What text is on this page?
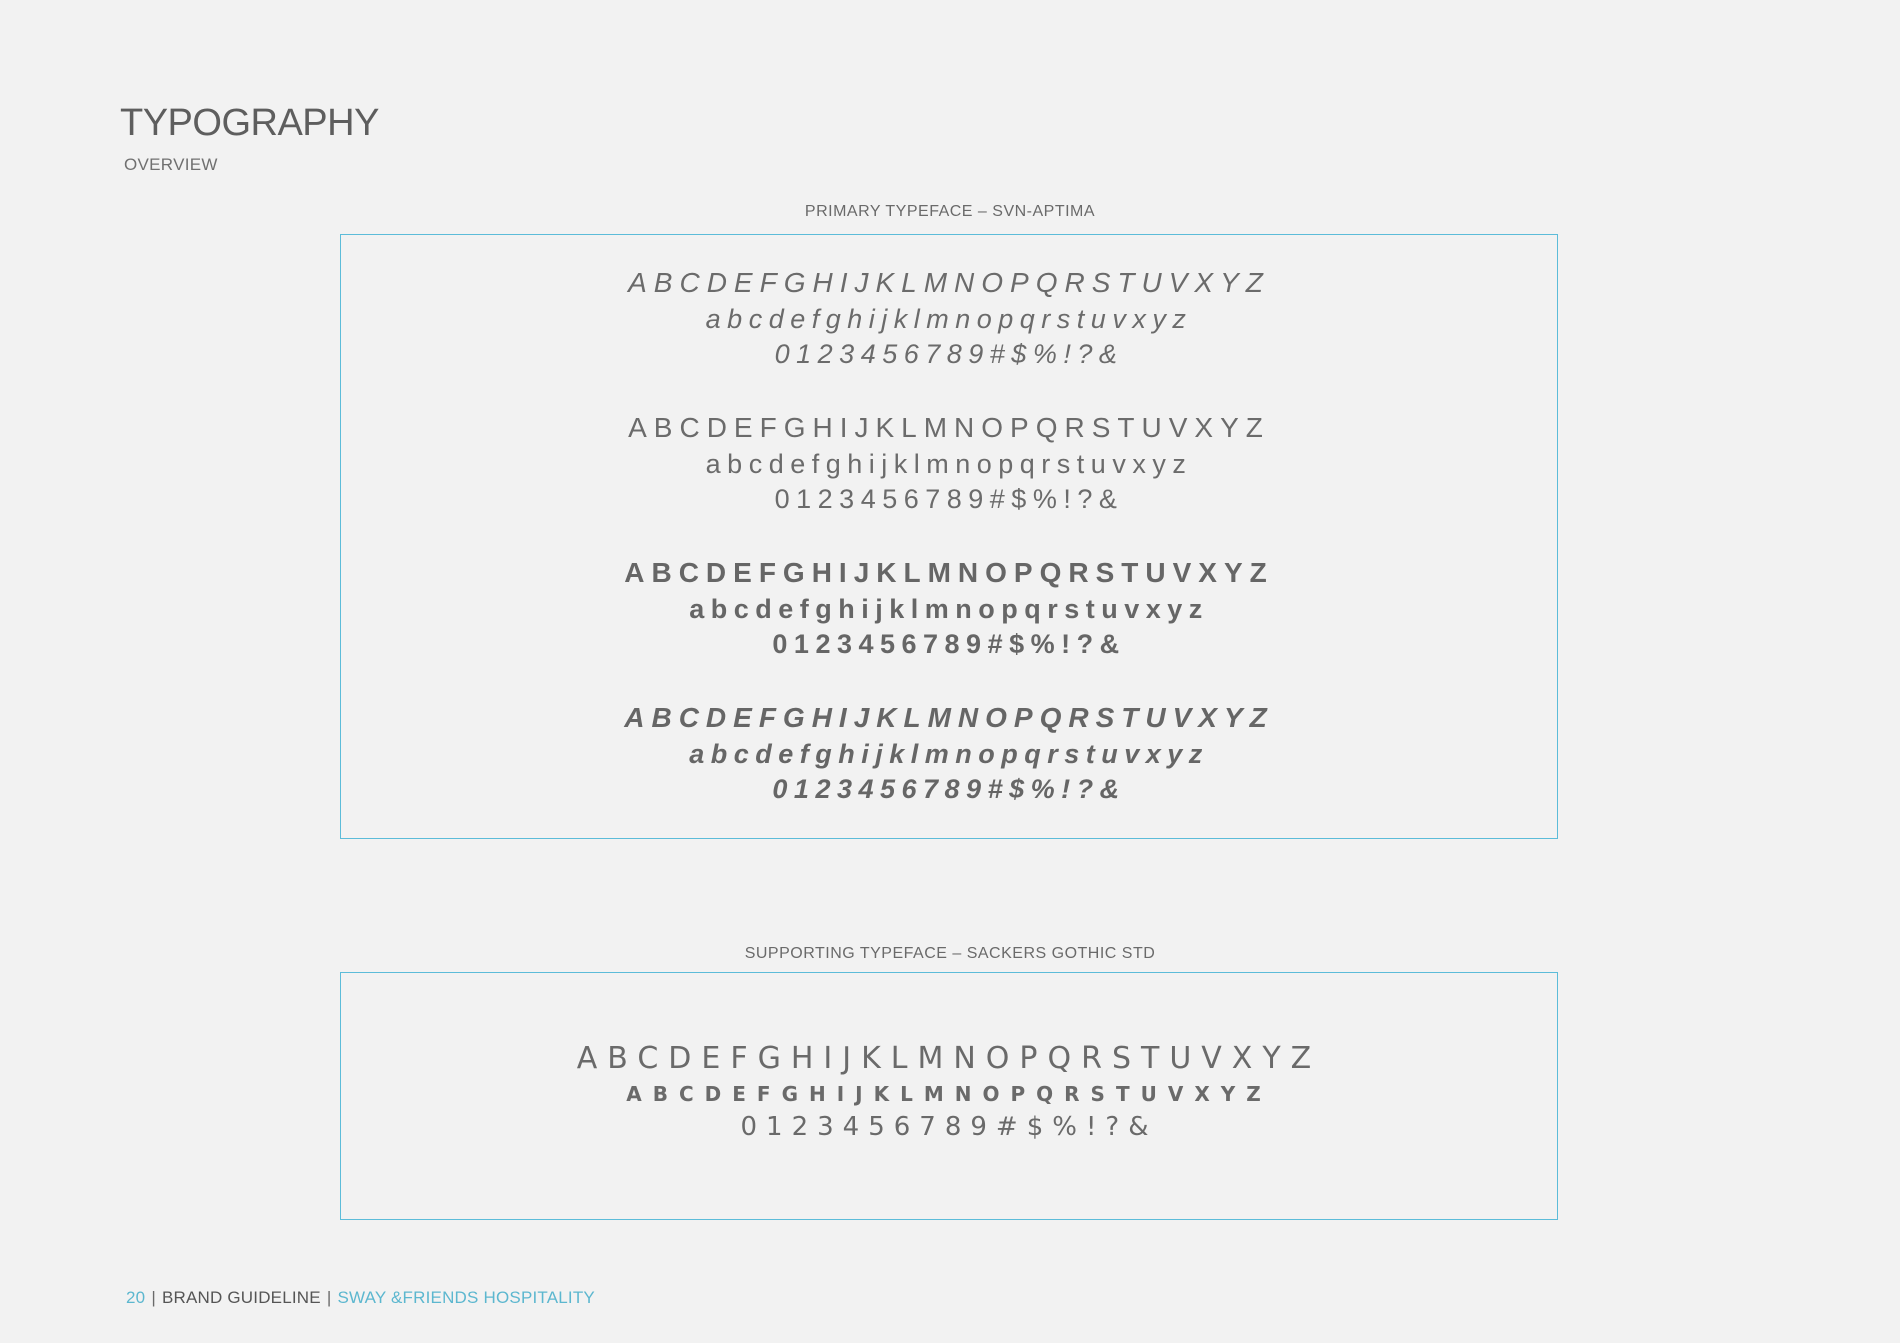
TYPOGRAPHY
OVERVIEW
PRIMARY TYPEFACE – SVN-APTIMA
ABCDEFGHIJKLMNOPQRSTUVXYZ
abcdefghijklmnopqrstuvxyz
0123456789#$%!?&
ABCDEFGHIJKLMNOPQRSTUVXYZ
abcdefghijklmnopqrstuvxyz
0123456789#$%!?&
ABCDEFGHIJKLMNOPQRSTUVXYZ
abcdefghijklmnopqrstuvxyz
0123456789#$%!?&
ABCDEFGHIJKLMNOPQRSTUVXYZ
abcdefghijklmnopqrstuvxyz
0123456789#$%!?&
SUPPORTING TYPEFACE – SACKERS GOTHIC STD
ABCDEFGHIJKLMNOPQRSTUVXYZ
ABCDEFGHIJKLMNOPQRSTUVXYZ
0123456789#$%!?&
20 | BRAND GUIDELINE | SWAY &FRIENDS HOSPITALITY
